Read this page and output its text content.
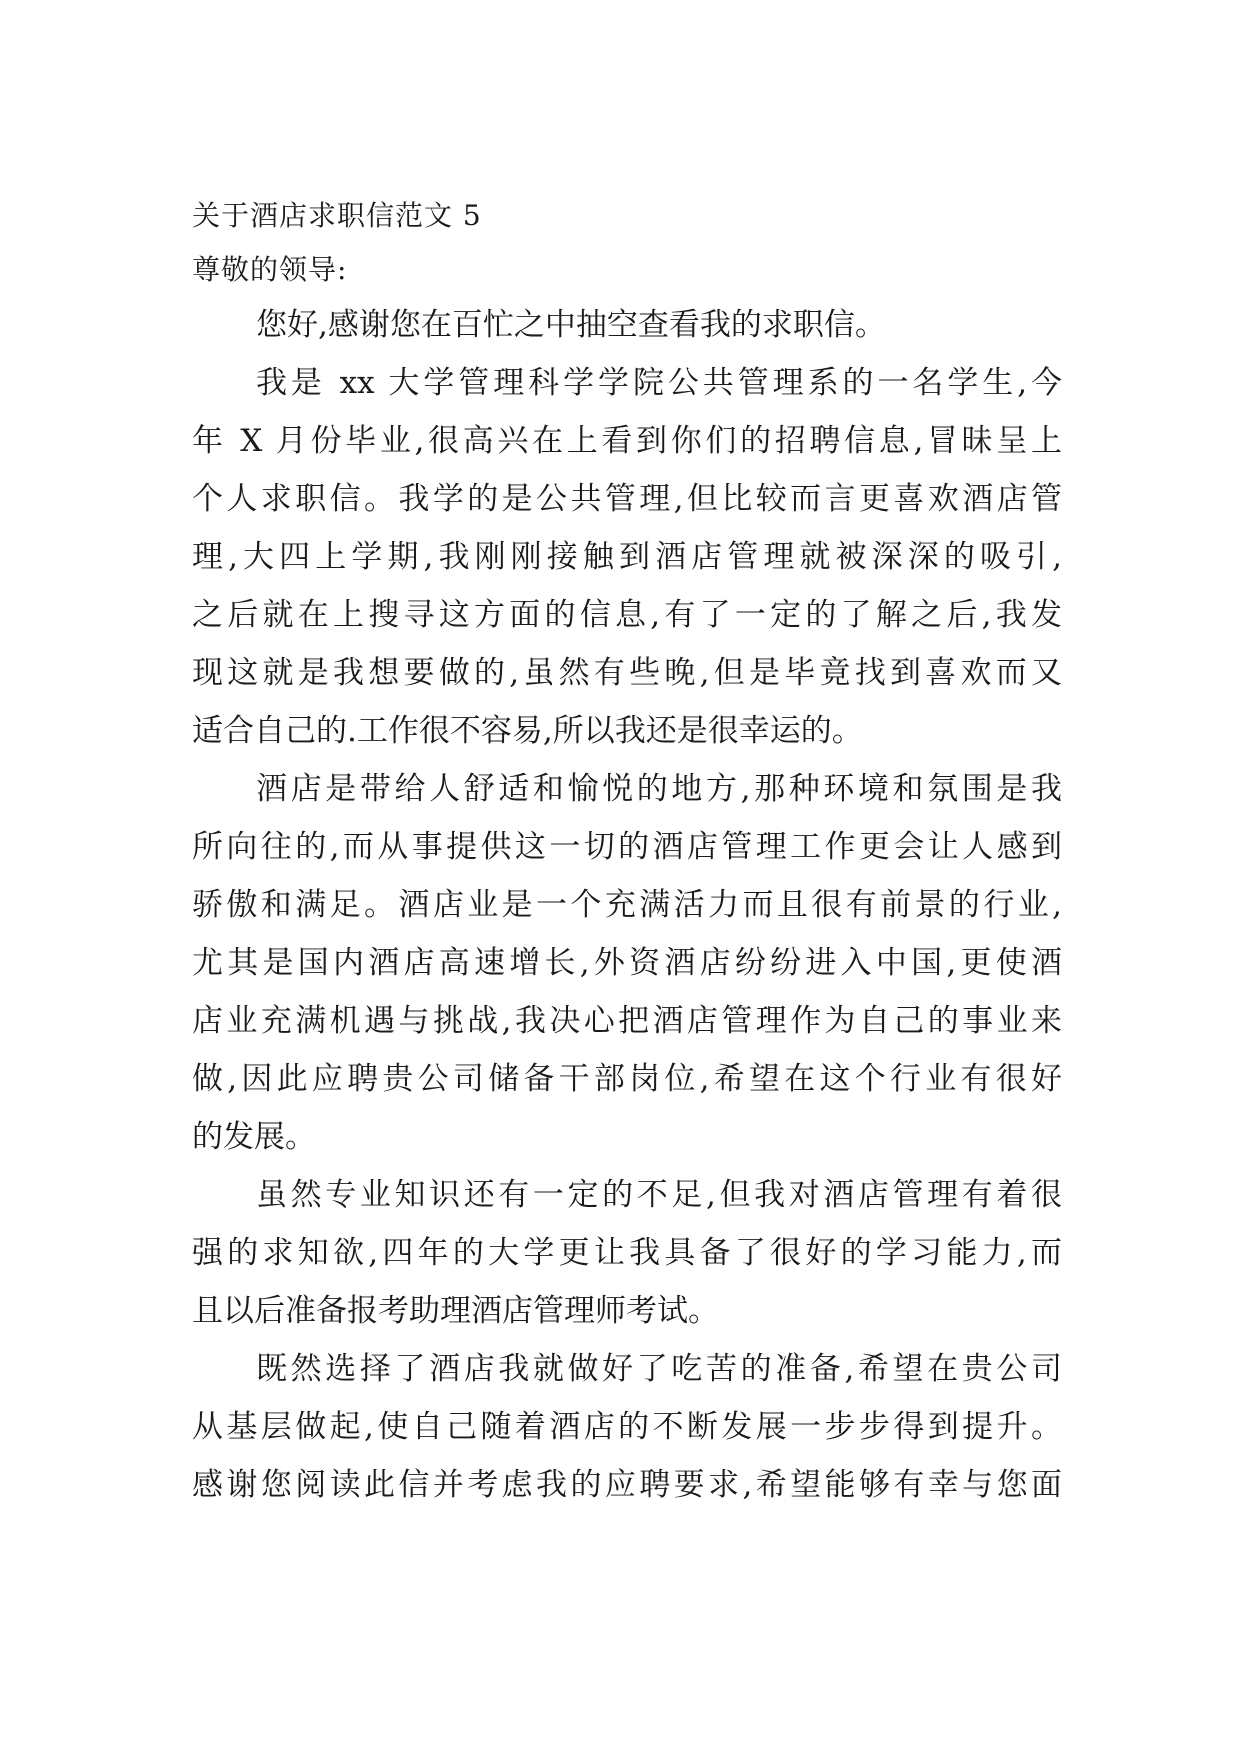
关于酒店求职信范文 5
尊敬的领导:
您好,感谢您在百忙之中抽空查看我的求职信。
我是 xx 大学管理科学学院公共管理系的一名学生,今
年 X 月份毕业,很高兴在上看到你们的招聘信息,冒昧呈上
个人求职信。我学的是公共管理,但比较而言更喜欢酒店管
理,大四上学期,我刚刚接触到酒店管理就被深深的吸引,
之后就在上搜寻这方面的信息,有了一定的了解之后,我发
现这就是我想要做的,虽然有些晚,但是毕竟找到喜欢而又
适合自己的.工作很不容易,所以我还是很幸运的。
酒店是带给人舒适和愉悦的地方,那种环境和氛围是我
所向往的,而从事提供这一切的酒店管理工作更会让人感到
骄傲和满足。酒店业是一个充满活力而且很有前景的行业,
尤其是国内酒店高速增长,外资酒店纷纷进入中国,更使酒
店业充满机遇与挑战,我决心把酒店管理作为自己的事业来
做,因此应聘贵公司储备干部岗位,希望在这个行业有很好
的发展。
虽然专业知识还有一定的不足,但我对酒店管理有着很
强的求知欲,四年的大学更让我具备了很好的学习能力,而
且以后准备报考助理酒店管理师考试。
既然选择了酒店我就做好了吃苦的准备,希望在贵公司
从基层做起,使自己随着酒店的不断发展一步步得到提升。
感谢您阅读此信并考虑我的应聘要求,希望能够有幸与您面
